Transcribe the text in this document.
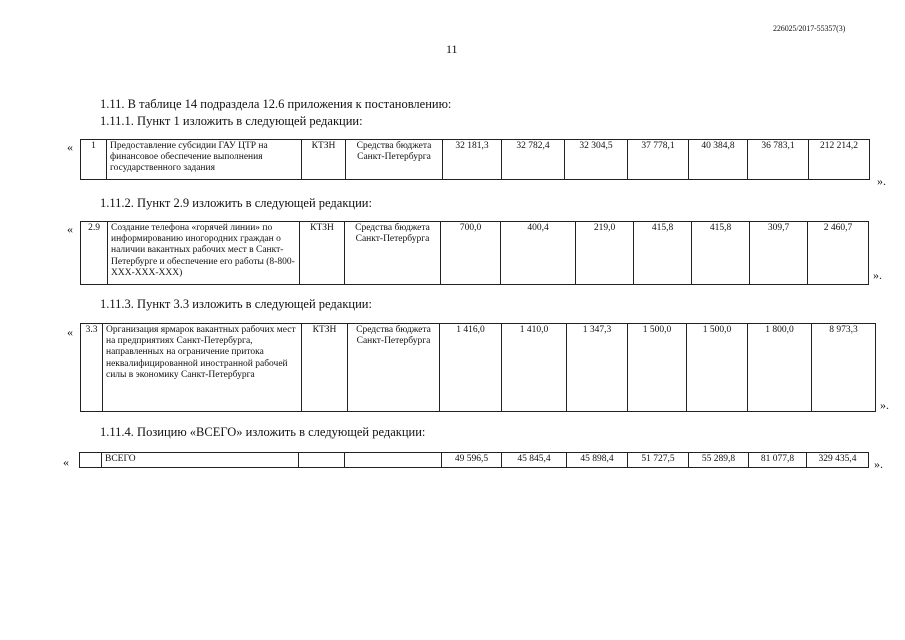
226025/2017-55357(3)
11
1.11. В таблице 14 подраздела 12.6 приложения к постановлению:
1.11.1. Пункт 1 изложить в следующей редакции:
« 1	Предоставление субсидии ГАУ ЦТР на финансовое обеспечение выполнения государственного задания	КТЗН	Средства бюджета Санкт-Петербурга	32 181,3	32 782,4	32 304,5	37 778,1	40 384,8	36 783,1	212 214,2
».
1.11.2. Пункт 2.9 изложить в следующей редакции:
« 2.9	Создание телефона «горячей линии» по информированию иногородних граждан о наличии вакантных рабочих мест в Санкт-Петербурге и обеспечение его работы (8-800-XXX-XXX-XXX)	КТЗН	Средства бюджета Санкт-Петербурга	700,0	400,4	219,0	415,8	415,8	309,7	2 460,7
».
1.11.3. Пункт 3.3 изложить в следующей редакции:
« 3.3	Организация ярмарок вакантных рабочих мест на предприятиях Санкт-Петербурга, направленных на ограничение притока неквалифицированной иностранной рабочей силы в экономику Санкт-Петербурга	КТЗН	Средства бюджета Санкт-Петербурга	1 416,0	1 410,0	1 347,3	1 500,0	1 500,0	1 800,0	8 973,3
».
1.11.4. Позицию «ВСЕГО» изложить в следующей редакции:
«
		ВСЕГО			49 596,5	45 845,4	45 898,4	51 727,5	55 289,8	81 077,8	329 435,4 ».
